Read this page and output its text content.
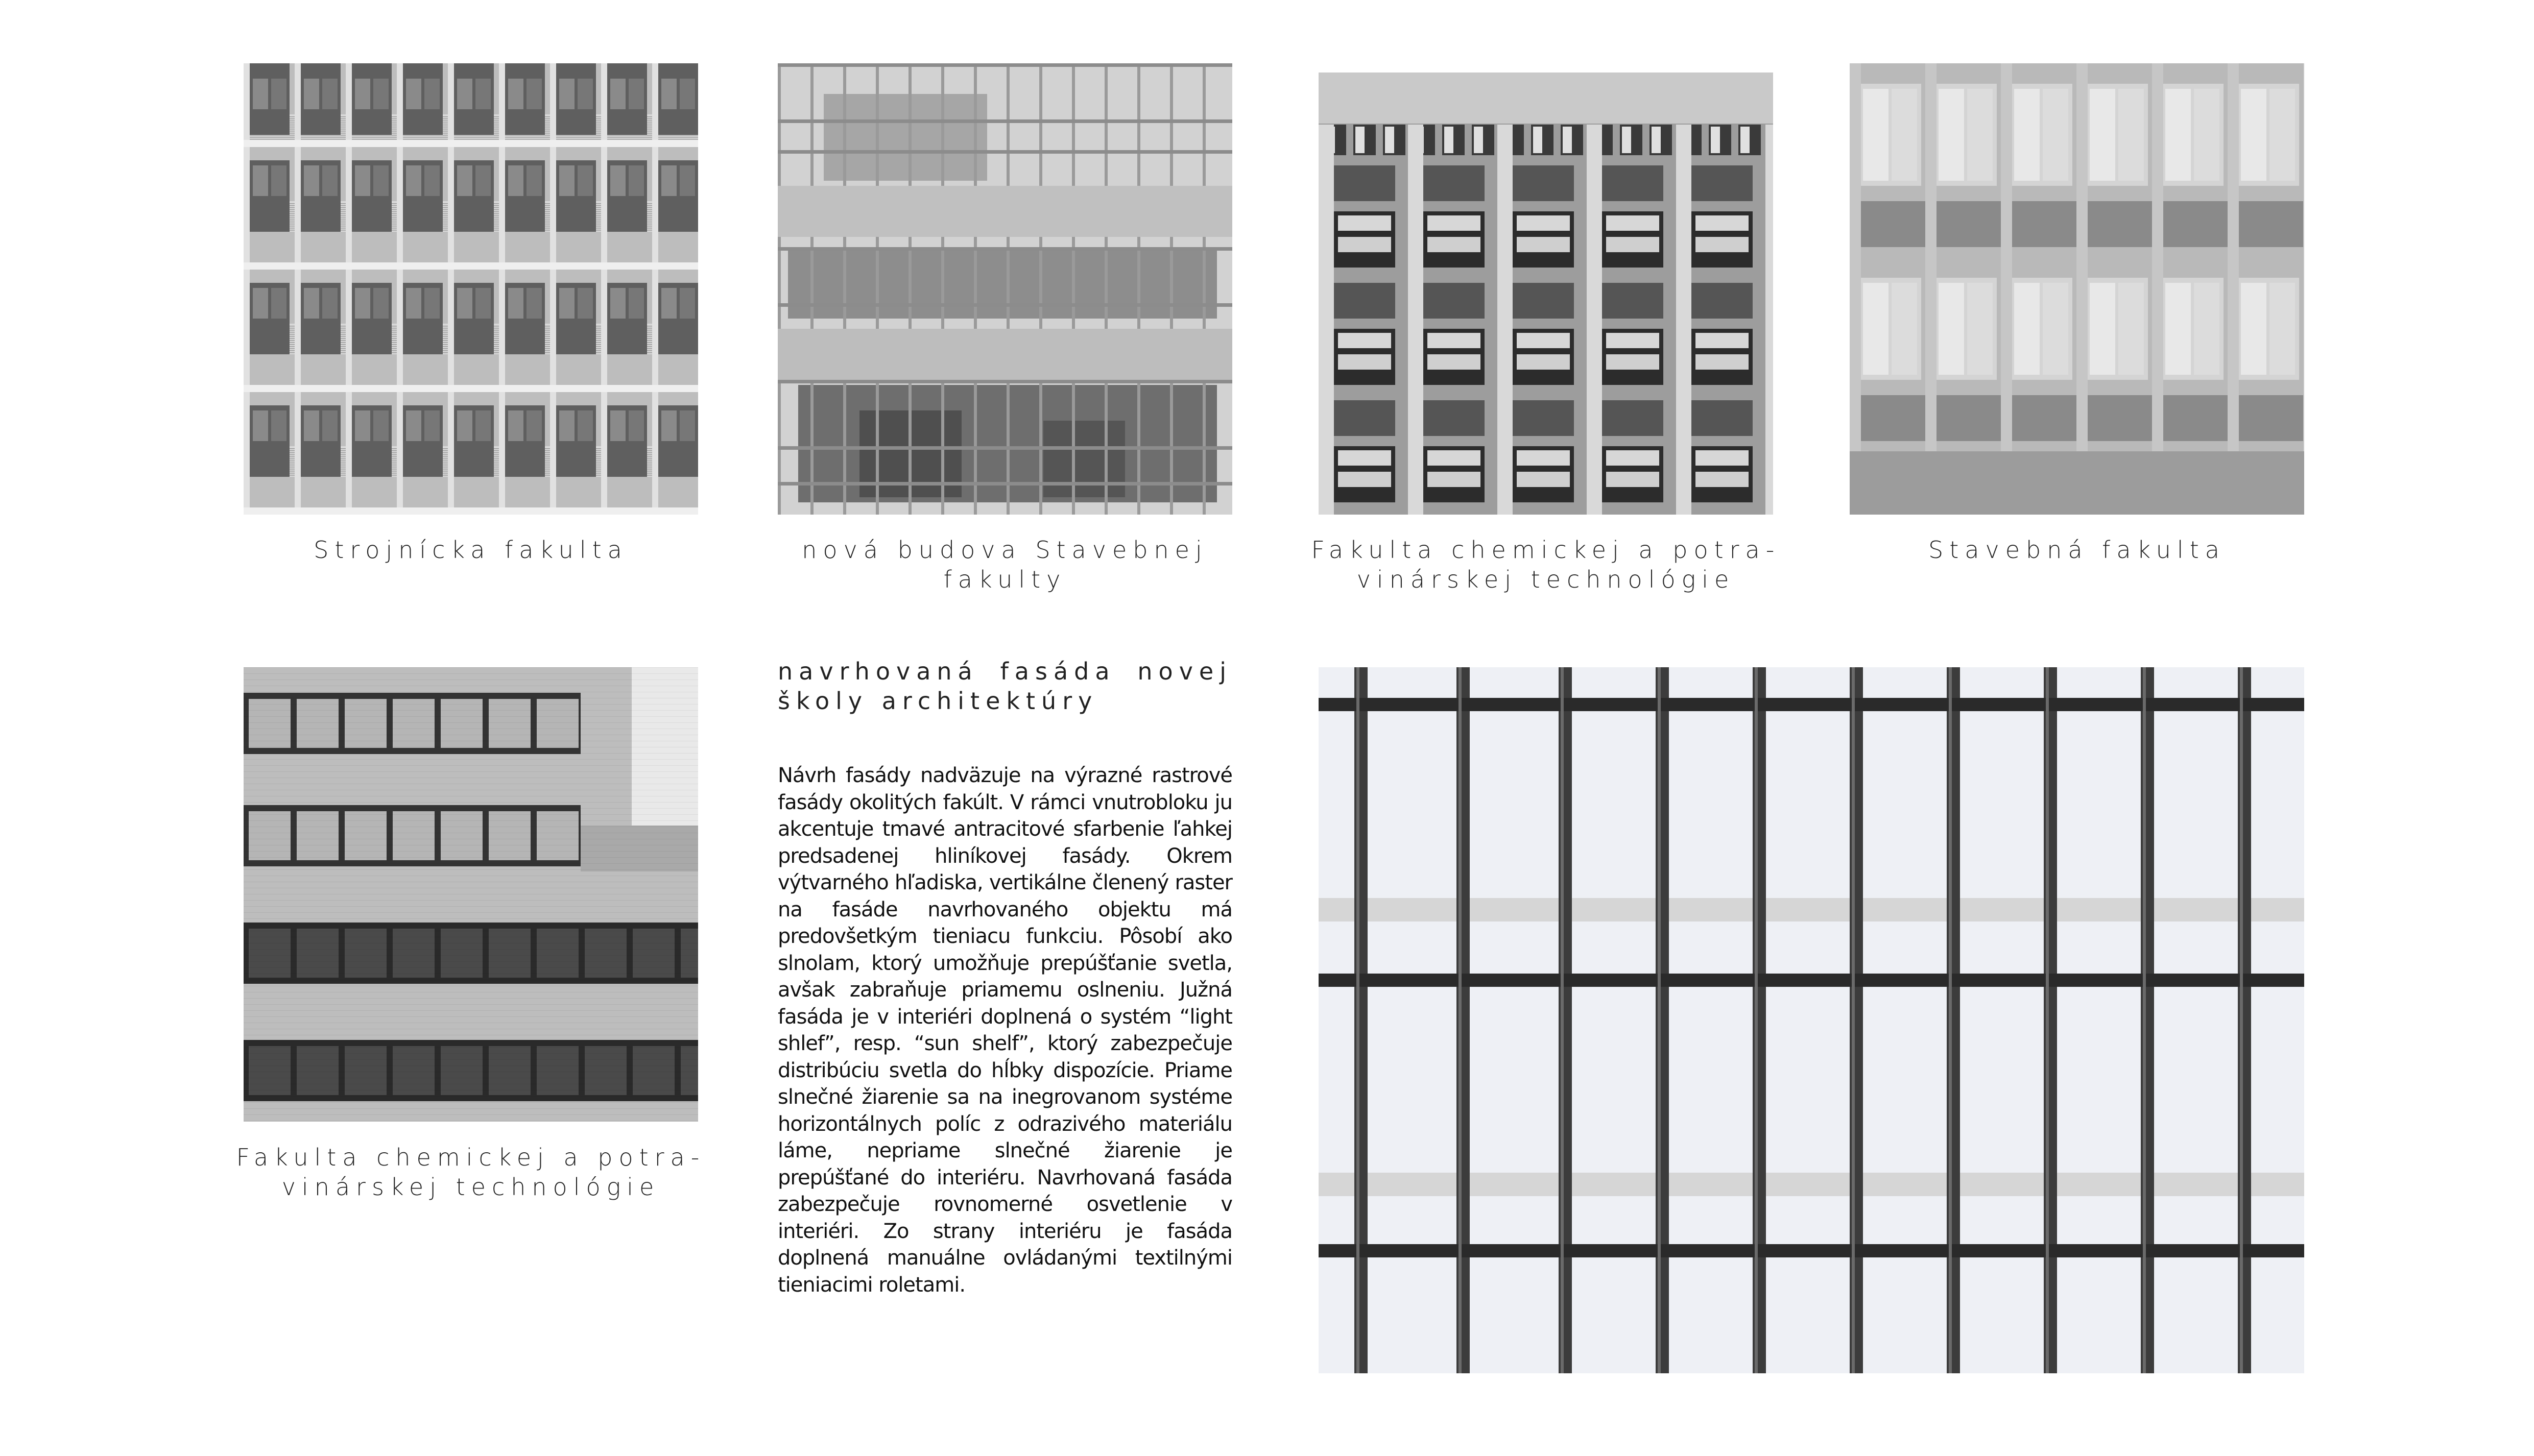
Strojnícka fakulta	nová budova Stavebnej fakulty
Fakulta chemickej a potra-vinárskej technológie
Stavebná fakulta
Fakulta chemickej a potra-vinárskej technológie
navrhovaná fasáda novej školy architektúry
Návrh fasády nadväzuje na výrazné rastrové fasády okolitých fakúlt. V rámci vnutrobloku ju akcentuje tmavé antracitové sfarbenie ľahkej predsadenej hliníkovej fasády. Okrem výtvarného hľadiska, vertikálne členený raster na fasáde navrhovaného objektu má predovšetkým tieniacu funkciu. Pôsobí ako slnolam, ktorý umožňuje prepúšťanie svetla, avšak zabraňuje priamemu oslneniu. Južná fasáda je v interiéri doplnená o systém “light shlef”, resp. “sun shelf”, ktorý zabezpečuje distribúciu svetla do hĺbky dispozície. Priame slnečné žiarenie sa na inegrovanom systéme horizontálnych políc z odrazivého materiálu láme, nepriame slnečné žiarenie je prepúšťané do interiéru. Navrhovaná fasáda zabezpečuje rovnomerné osvetlenie v interiéri. Zo strany interiéru je fasáda doplnená manuálne ovládanými textilnými tieniacimi roletami.
